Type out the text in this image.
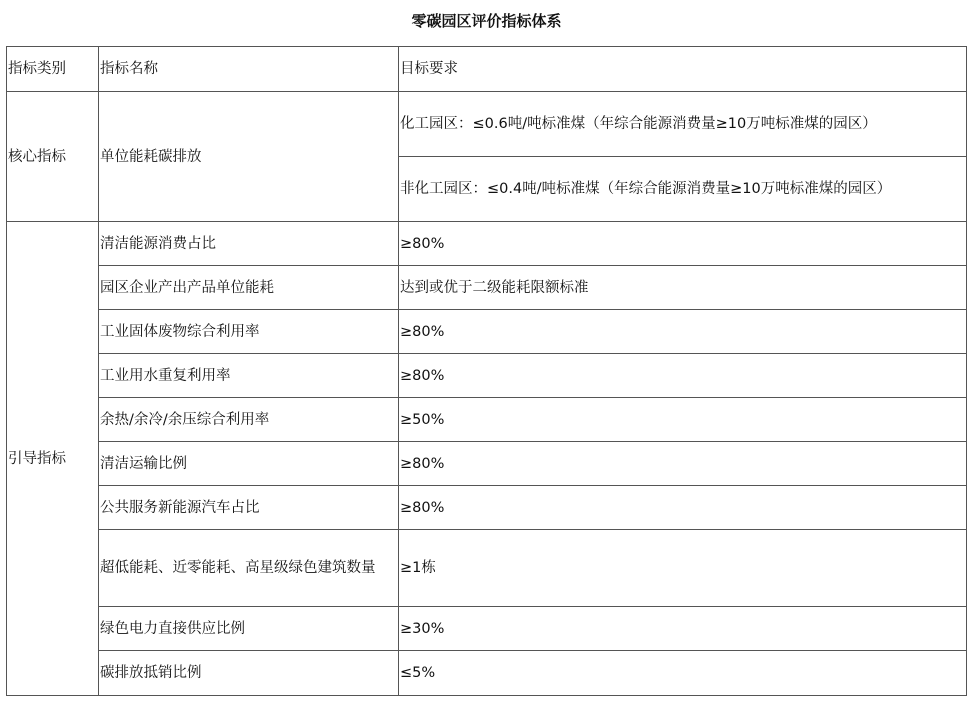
零碳园区评价指标体系
指标类别	指标名称	目标要求
核心指标	单位能耗碳排放	化工园区：≤0.6吨/吨标准煤（年综合能源消费量≥10万吨标准煤的园区）
		非化工园区：≤0.4吨/吨标准煤（年综合能源消费量≥10万吨标准煤的园区）
引导指标	清洁能源消费占比	≥80%
	园区企业产出产品单位能耗	达到或优于二级能耗限额标准
	工业固体废物综合利用率	≥80%
	工业用水重复利用率	≥80%
	余热/余冷/余压综合利用率	≥50%
	清洁运输比例	≥80%
	公共服务新能源汽车占比	≥80%
	超低能耗、近零能耗、高星级绿色建筑数量	≥1栋
	绿色电力直接供应比例	≥30%
	碳排放抵销比例	≤5%
